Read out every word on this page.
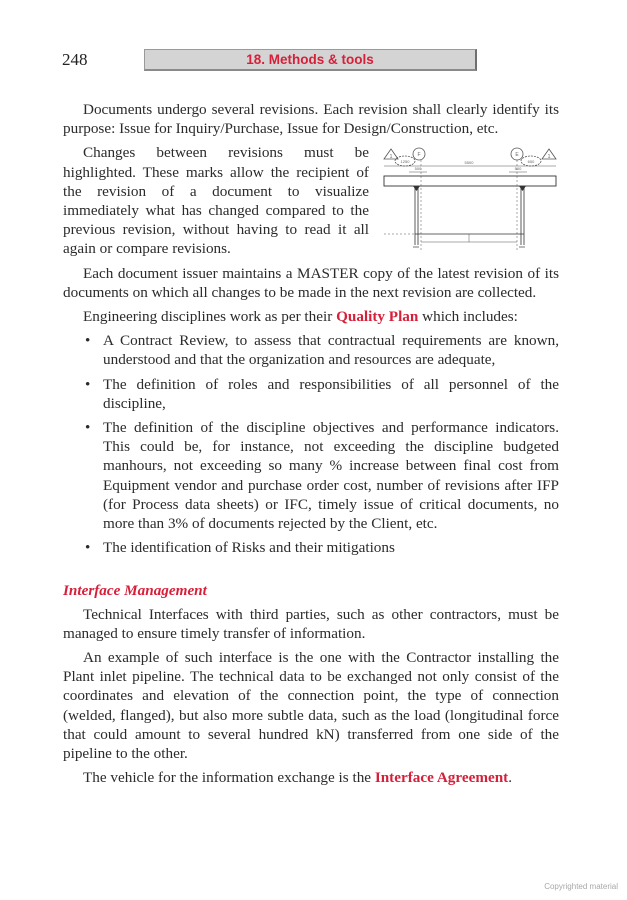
248	18. Methods & tools

Documents undergo several revisions. Each revision shall clearly identify its purpose: Issue for Inquiry/Purchase, Issue for Design/Construction, etc.

Changes between revisions must be highlighted. These marks allow the recipient of the revision of a document to visualize immediately what has changed compared to the previous revision, without having to read it all again or compare revisions.

1	1
F	E
1250	5500
500	500
650

Each document issuer maintains a MASTER copy of the latest revision of its documents on which all changes to be made in the next revision are collected.

Engineering disciplines work as per their Quality Plan which includes:

• A Contract Review, to assess that contractual requirements are known, understood and that the organization and resources are adequate,
• The definition of roles and responsibilities of all personnel of the discipline,
• The definition of the discipline objectives and performance indicators. This could be, for instance, not exceeding the discipline budgeted manhours, not exceeding so many % increase between final cost from Equipment vendor and purchase order cost, number of revisions after IFP (for Process data sheets) or IFC, timely issue of critical documents, no more than 3% of documents rejected by the Client, etc.
• The identification of Risks and their mitigations
Interface Management

Technical Interfaces with third parties, such as other contractors, must be managed to ensure timely transfer of information.

An example of such interface is the one with the Contractor installing the Plant inlet pipeline. The technical data to be exchanged not only consist of the coordinates and elevation of the connection point, the type of connection (welded, flanged), but also more subtle data, such as the load (longitudinal force that could amount to several hundred kN) transferred from one side of the pipeline to the other.

The vehicle for the information exchange is the Interface Agreement.

Copyrighted material
